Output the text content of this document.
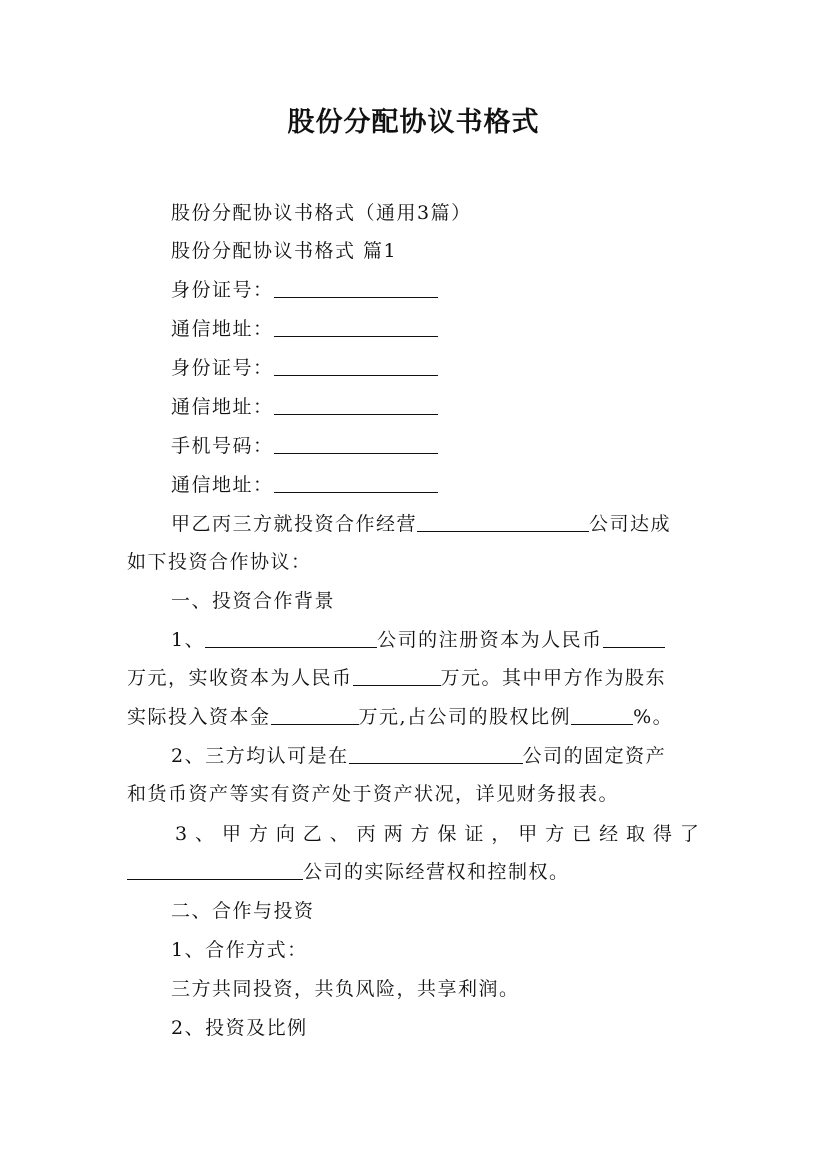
股份分配协议书格式
股份分配协议书格式（通用3篇）
股份分配协议书格式 篇1
身份证号：
通信地址：
身份证号：
通信地址：
手机号码：
通信地址：
甲乙丙三方就投资合作经营	公司达成
如下投资合作协议：
一、投资合作背景
1、	公司的注册资本为人民币
万元，实收资本为人民币	万元。其中甲方作为股东
实际投入资本金	万元,占公司的股权比例	%。
2、三方均认可是在	公司的固定资产
和货币资产等实有资产处于资产状况，详见财务报表。
3 、 甲 方 向 乙 、 丙 两 方 保 证 ， 甲 方 已 经 取 得 了
公司的实际经营权和控制权。
二、合作与投资
1、合作方式：
三方共同投资，共负风险，共享利润。
2、投资及比例
